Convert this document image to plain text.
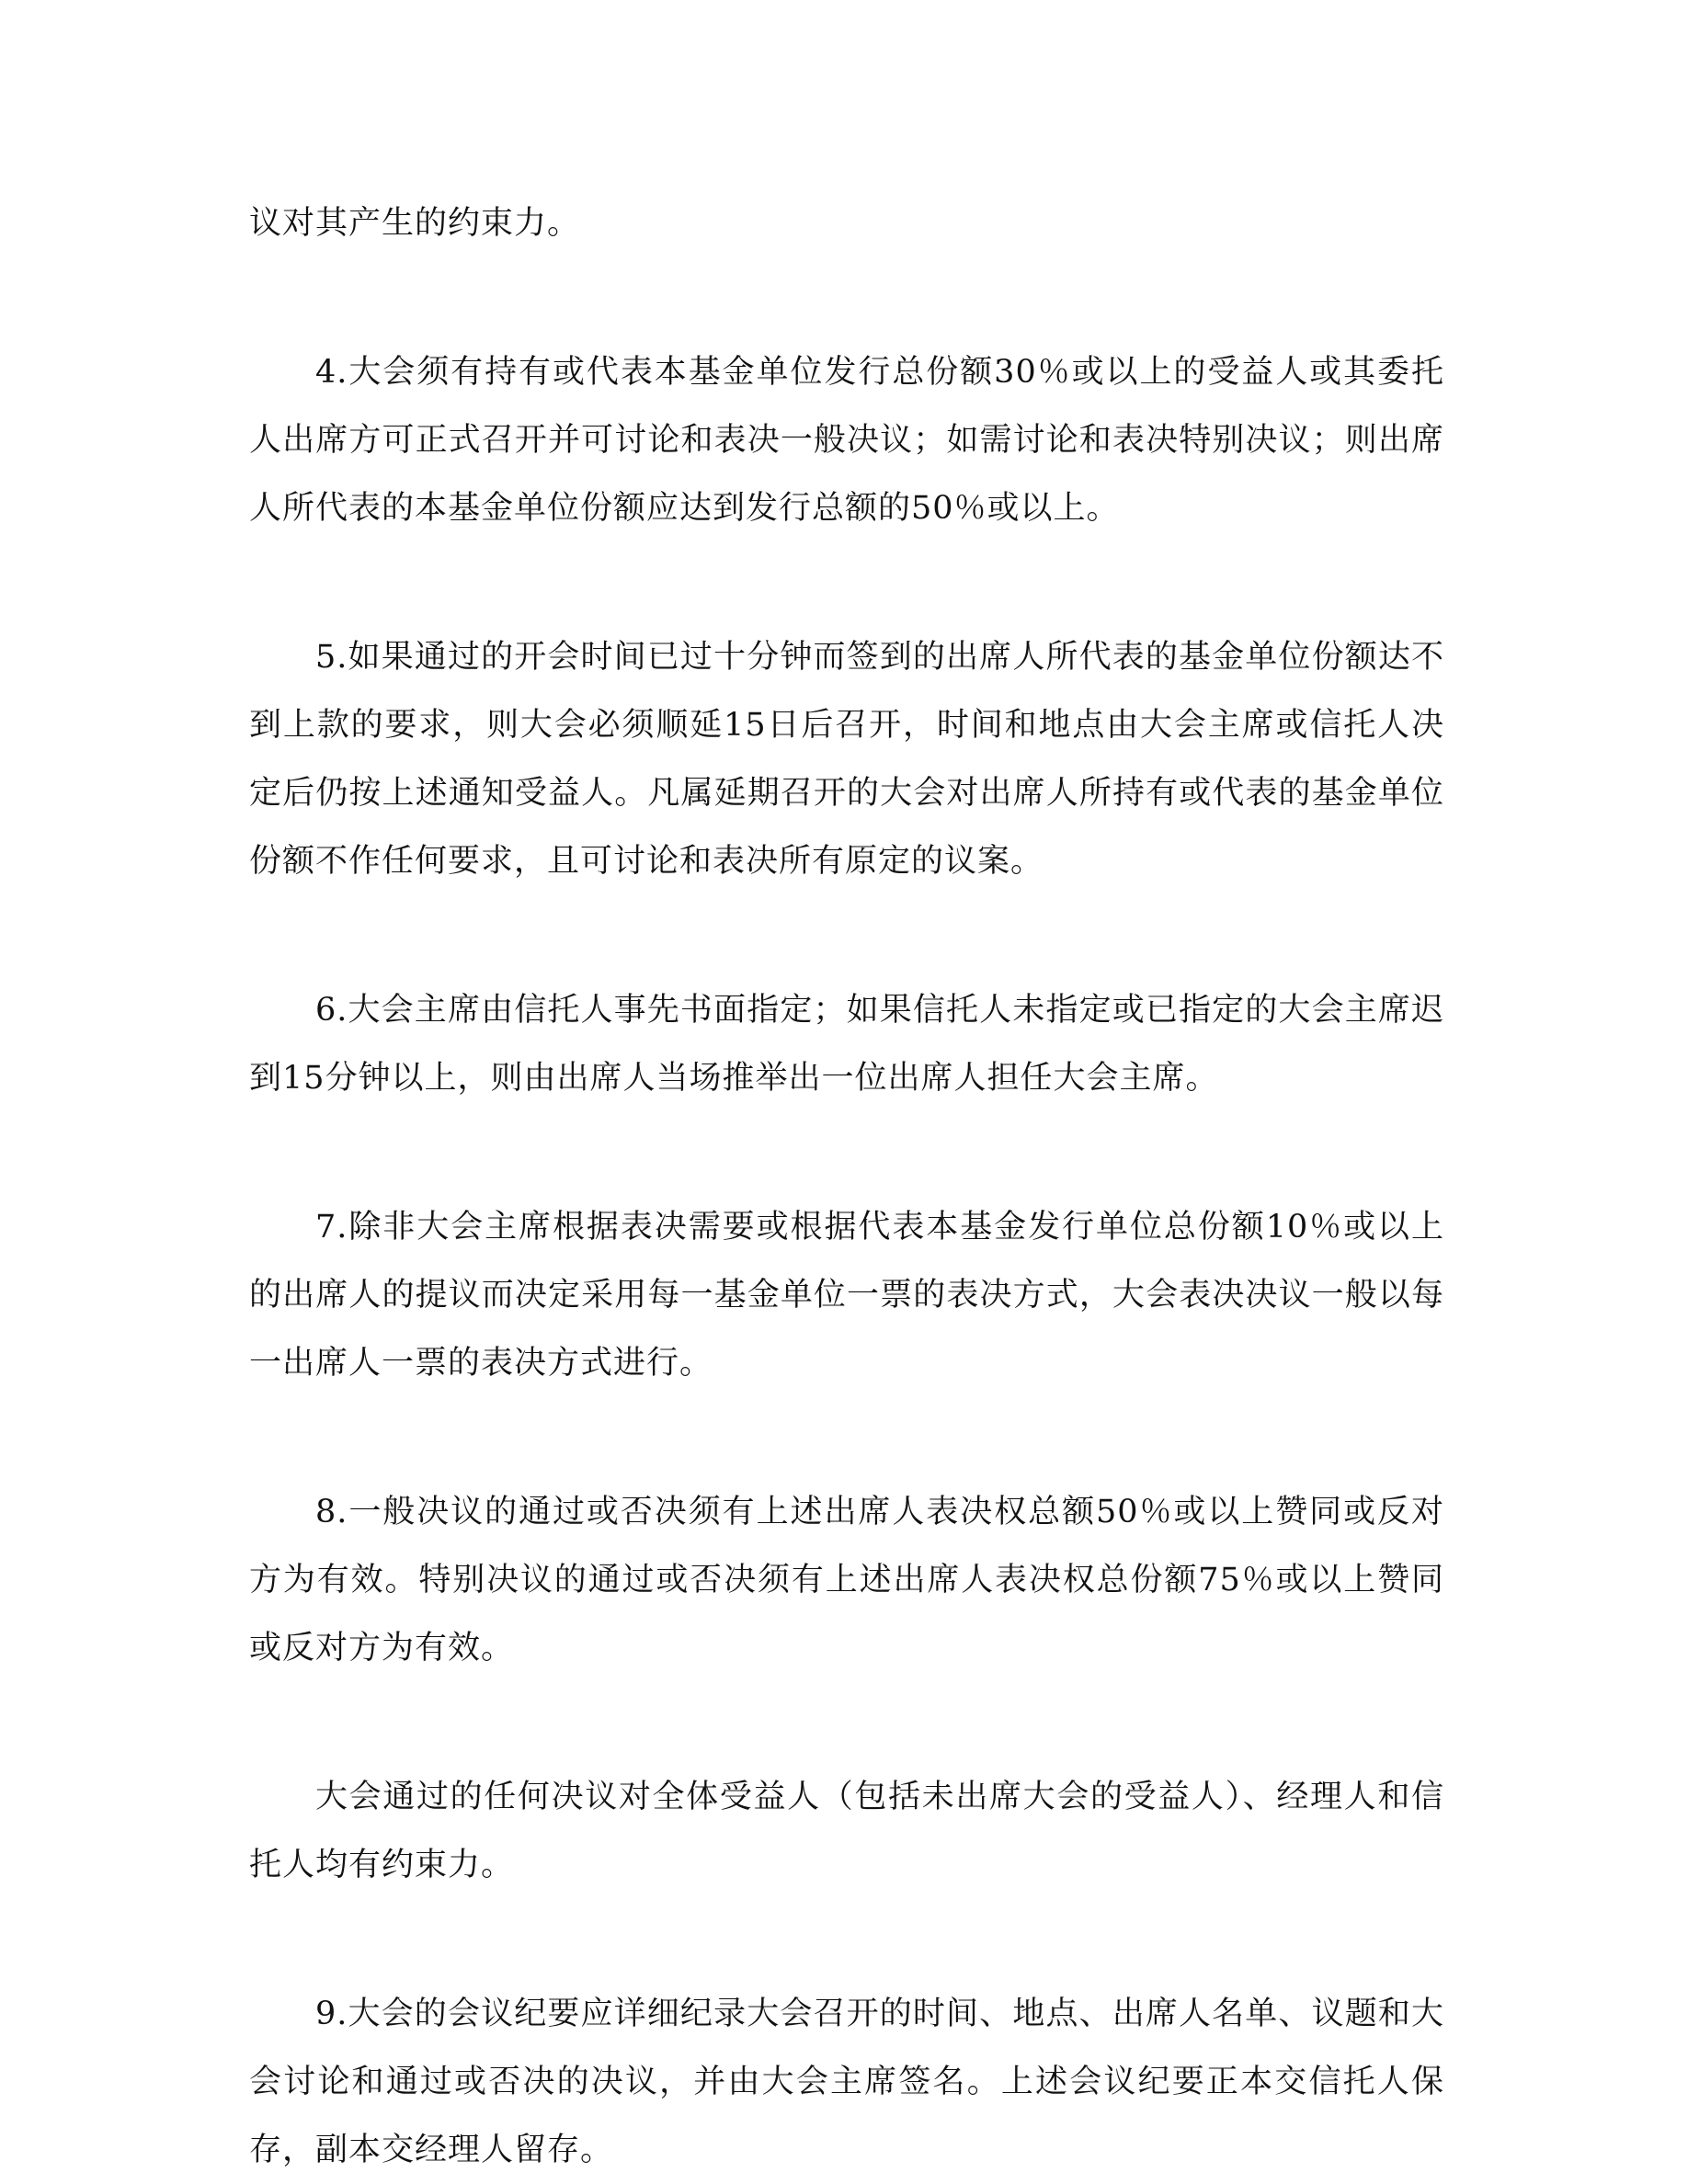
议对其产生的约束力。

4.大会须有持有或代表本基金单位发行总份额30％或以上的受益人或其委托人出席方可正式召开并可讨论和表决一般决议；如需讨论和表决特别决议；则出席人所代表的本基金单位份额应达到发行总额的50％或以上。

5.如果通过的开会时间已过十分钟而签到的出席人所代表的基金单位份额达不到上款的要求，则大会必须顺延15日后召开，时间和地点由大会主席或信托人决定后仍按上述通知受益人。凡属延期召开的大会对出席人所持有或代表的基金单位份额不作任何要求，且可讨论和表决所有原定的议案。

6.大会主席由信托人事先书面指定；如果信托人未指定或已指定的大会主席迟到15分钟以上，则由出席人当场推举出一位出席人担任大会主席。

7.除非大会主席根据表决需要或根据代表本基金发行单位总份额10％或以上的出席人的提议而决定采用每一基金单位一票的表决方式，大会表决决议一般以每一出席人一票的表决方式进行。

8.一般决议的通过或否决须有上述出席人表决权总额50％或以上赞同或反对方为有效。特别决议的通过或否决须有上述出席人表决权总份额75％或以上赞同或反对方为有效。

大会通过的任何决议对全体受益人（包括未出席大会的受益人）、经理人和信托人均有约束力。

9.大会的会议纪要应详细纪录大会召开的时间、地点、出席人名单、议题和大会讨论和通过或否决的决议，并由大会主席签名。上述会议纪要正本交信托人保存，副本交经理人留存。
